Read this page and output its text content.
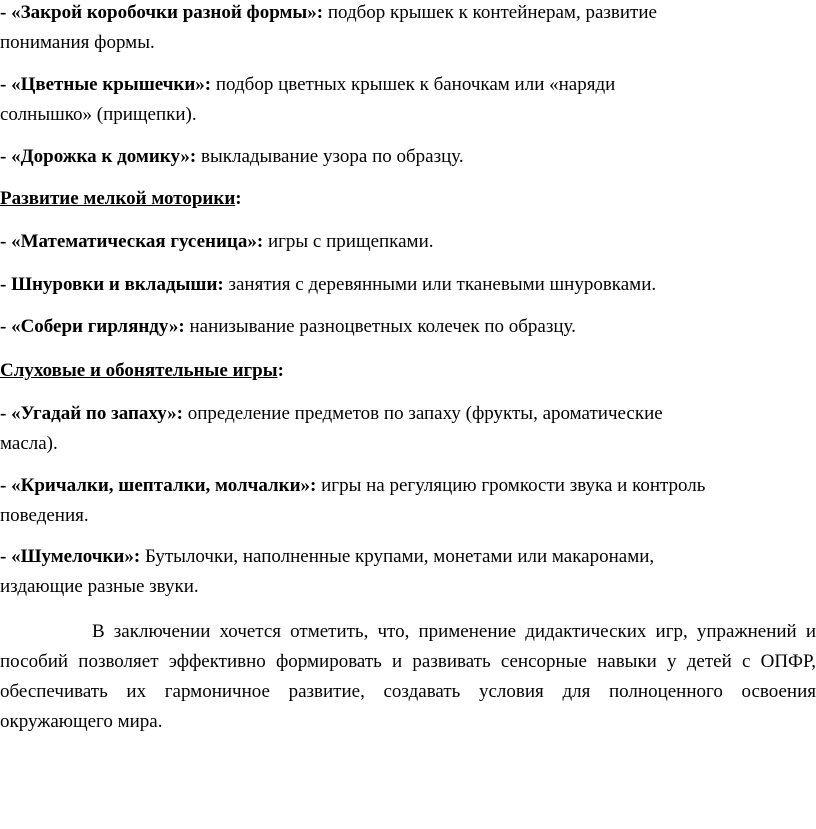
- «Закрой коробочки разной формы»: подбор крышек к контейнерам, развитие
понимания формы.
- «Цветные крышечки»: подбор цветных крышек к баночкам или «наряди
солнышко» (прищепки).
- «Дорожка к домику»: выкладывание узора по образцу.
Развитие мелкой моторики:
- «Математическая гусеница»: игры с прищепками.
- Шнуровки и вкладыши: занятия с деревянными или тканевыми шнуровками.
- «Собери гирлянду»: нанизывание разноцветных колечек по образцу.
Слуховые и обонятельные игры:
- «Угадай по запаху»: определение предметов по запаху (фрукты, ароматические
масла).
- «Кричалки, шепталки, молчалки»: игры на регуляцию громкости звука и контроль
поведения.
- «Шумелочки»: Бутылочки, наполненные крупами, монетами или макаронами,
издающие разные звуки.
В заключении хочется отметить, что, применение дидактических игр, упражнений и пособий позволяет эффективно формировать и развивать сенсорные навыки у детей с ОПФР, обеспечивать их гармоничное развитие, создавать условия для полноценного освоения окружающего мира.
